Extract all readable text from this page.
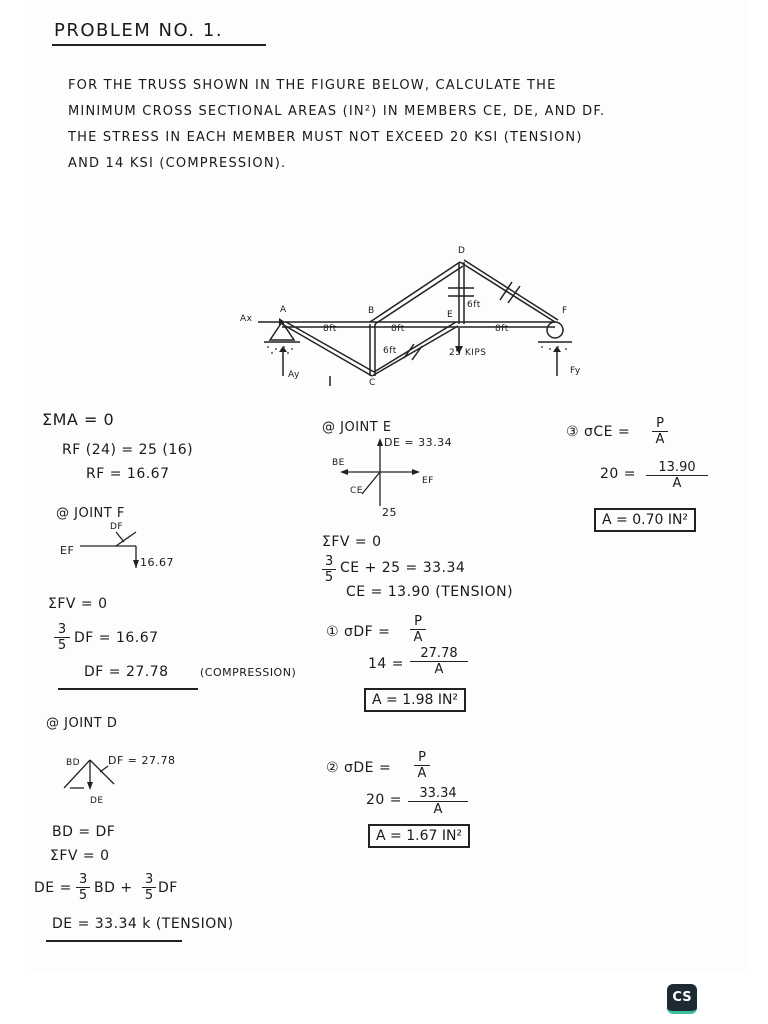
PROBLEM NO. 1.
FOR THE TRUSS SHOWN IN THE FIGURE BELOW, CALCULATE THE
MINIMUM CROSS SECTIONAL AREAS (IN²) IN MEMBERS CE, DE, AND DF.
THE STRESS IN EACH MEMBER MUST NOT EXCEED 20 KSI (TENSION)
AND 14 KSI (COMPRESSION).
D
A	B	E	F
C
Ax
Ay	Fy
8ft	8ft	8ft
6ft
6ft
25 KIPS
ΣMA = 0
RF (24) = 25 (16)
RF = 16.67
@ JOINT F
DF
EF
16.67
ΣFV = 0
$\frac{3}{5}$ DF = 16.67
DF = 27.78	(COMPRESSION)
@ JOINT D
BD	DF = 27.78
DE
BD = DF
ΣFV = 0
DE = $\frac{3}{5}$ BD + $\frac{3}{5}$ DF
DE = 33.34 k (TENSION)
@ JOINT E
DE = 33.34
BE
EF
CE
25
ΣFV = 0
$\frac{3}{5}$ CE + 25 = 33.34
CE = 13.90 (TENSION)
① $\sigma DF = \frac{P}{A}$
$14 = \frac{27.78}{A}$
A = 1.98 IN²
② $\sigma DE = \frac{P}{A}$
$20 = \frac{33.34}{A}$
A = 1.67 IN²
③ $\sigma CE = \frac{P}{A}$
$20 = \frac{13.90}{A}$
A = 0.70 IN²
CS
